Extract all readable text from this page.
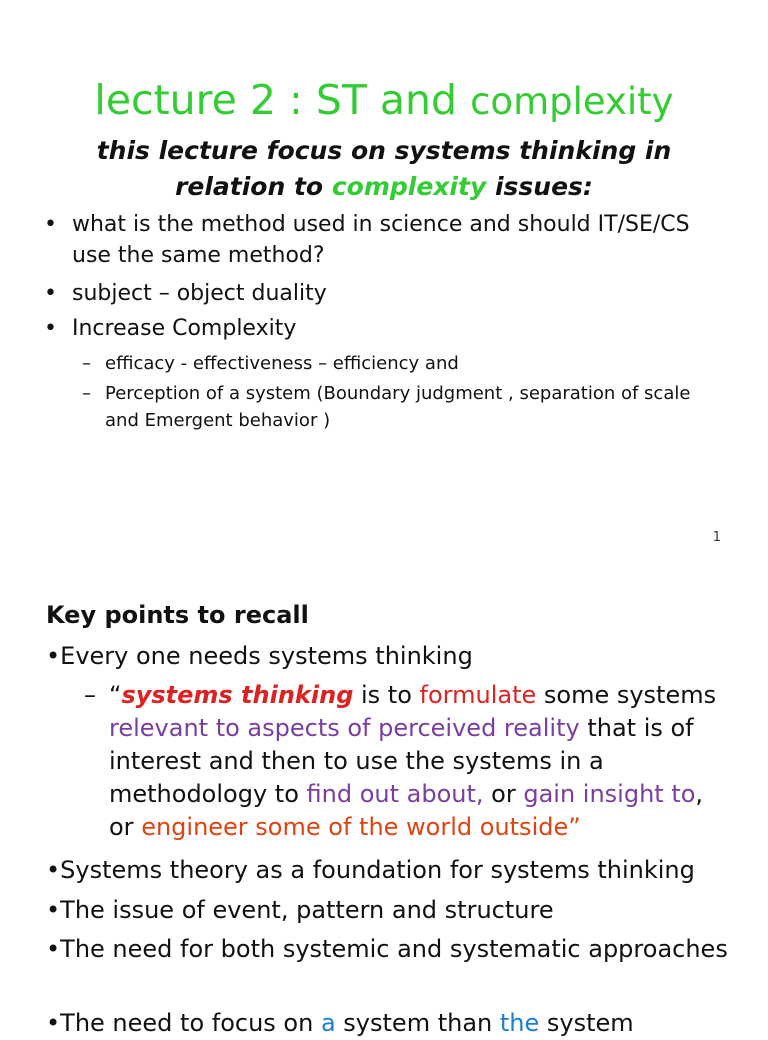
lecture 2 : ST and complexity
this lecture focus on systems thinking in relation to complexity issues:
• what is the method used in science and should IT/SE/CS use the same method?
• subject – object duality
• Increase Complexity
– efficacy - effectiveness – efficiency and
– Perception of a system (Boundary judgment , separation of scale and Emergent behavior )
1
Key points to recall
•Every one needs systems thinking
– “systems thinking is to formulate some systems relevant to aspects of perceived reality that is of interest and then to use the systems in a methodology to find out about, or gain insight to, or engineer some of the world outside”
•Systems theory as a foundation for systems thinking
•The issue of event, pattern and structure
•The need for both systemic and systematic approaches
•The need to focus on a system than the system
